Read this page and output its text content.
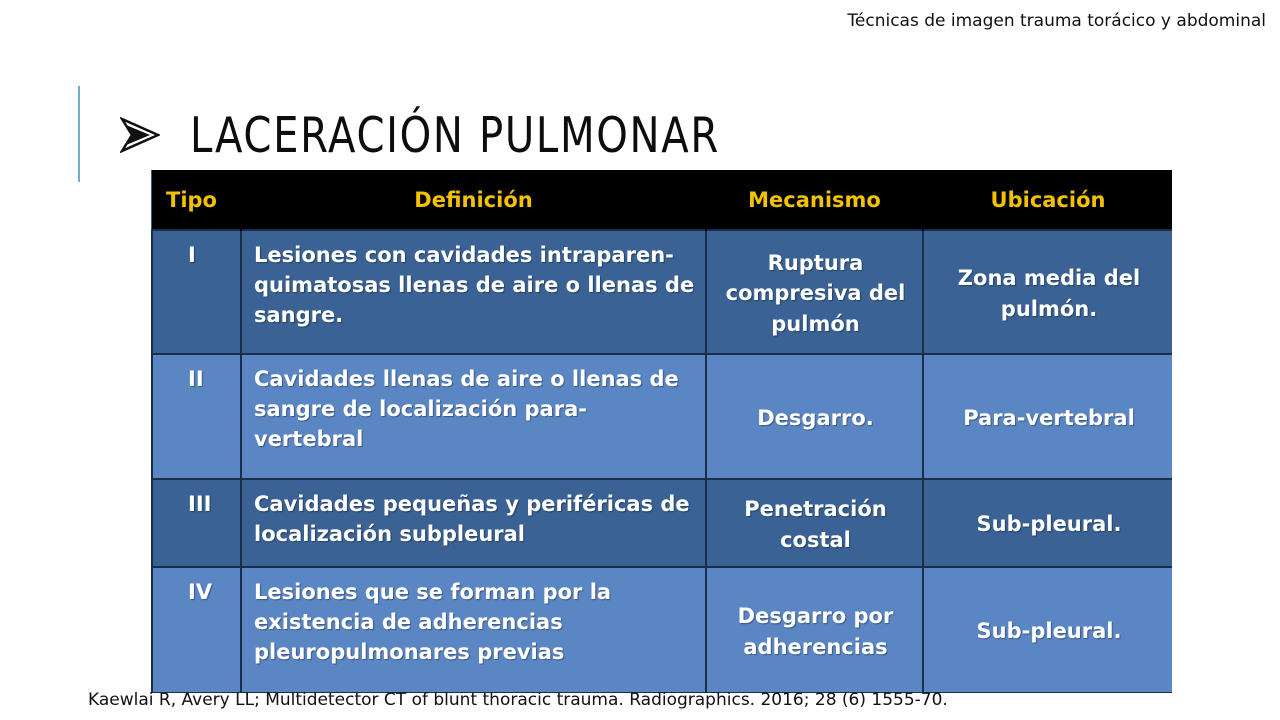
Técnicas de imagen trauma torácico y abdominal
LACERACIÓN PULMONAR
Tipo	Definición	Mecanismo	Ubicación
I	Lesiones con cavidades intraparen-quimatosas llenas de aire o llenas de sangre.	Ruptura compresiva del pulmón	Zona media del pulmón.
II	Cavidades llenas de aire o llenas de sangre de localización para-vertebral	Desgarro.	Para-vertebral
III	Cavidades pequeñas y periféricas de localización subpleural	Penetración costal	Sub-pleural.
IV	Lesiones que se forman por la existencia de adherencias pleuropulmonares previas	Desgarro por adherencias	Sub-pleural.
Kaewlai R, Avery LL; Multidetector CT of blunt thoracic trauma. Radiographics. 2016; 28 (6) 1555-70.
